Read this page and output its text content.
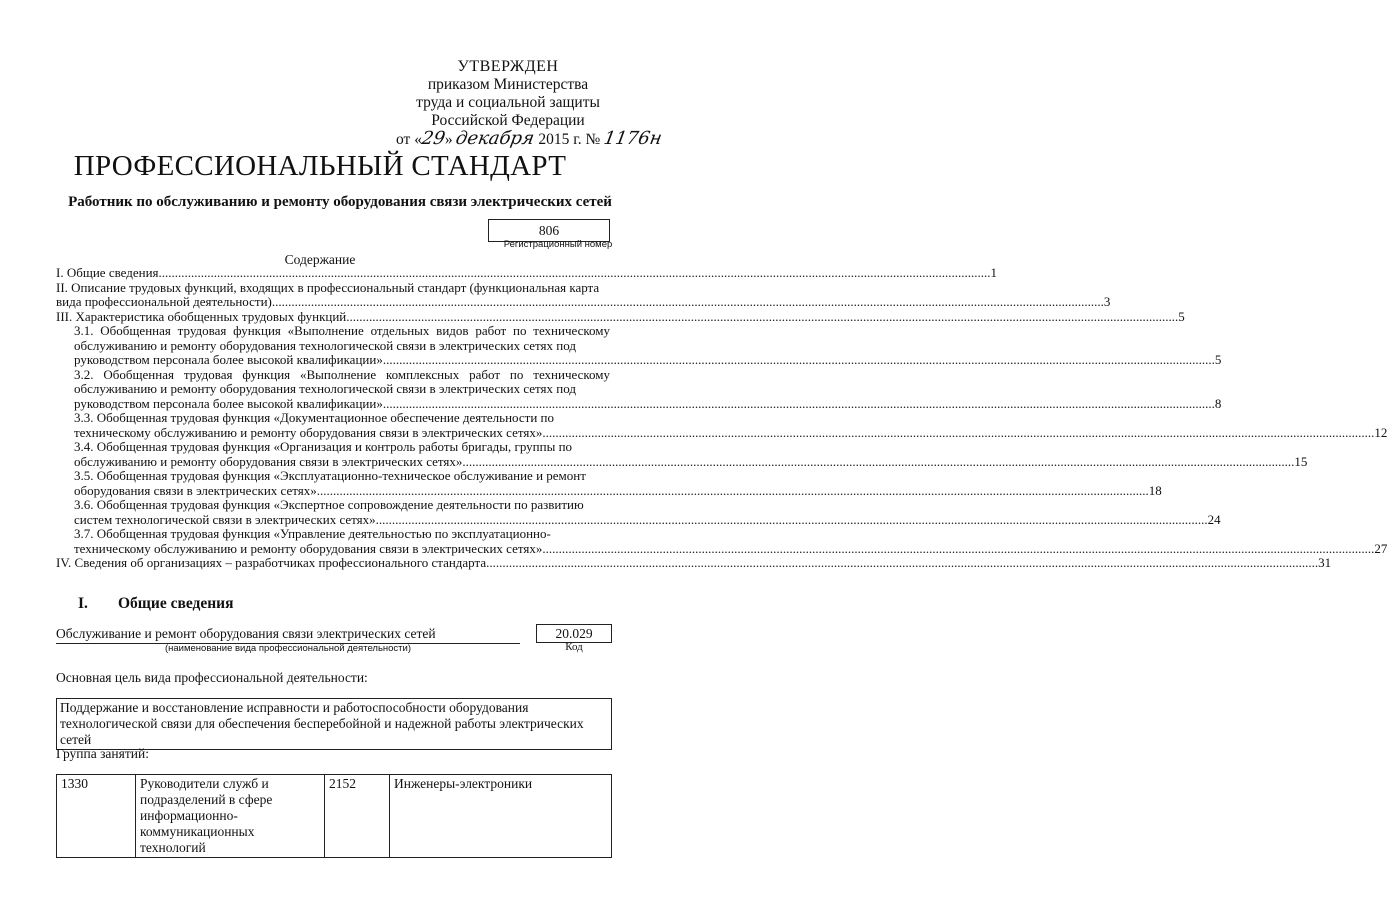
УТВЕРЖДЕН
приказом Министерства
труда и социальной защиты
Российской Федерации
от «29» декабря 2015 г. № 1176н
ПРОФЕССИОНАЛЬНЫЙ СТАНДАРТ
Работник по обслуживанию и ремонту оборудования связи электрических сетей
806
Регистрационный номер
Содержание
I. Общие сведения .....	1
II. Описание трудовых функций, входящих в профессиональный стандарт (функциональная карта
вида профессиональной деятельности) .....	3
III. Характеристика обобщенных трудовых функций .....	5
3.1. Обобщенная трудовая функция «Выполнение отдельных видов работ по техническому обслуживанию и ремонту оборудования технологической связи в электрических сетях под
руководством персонала более высокой квалификации» .....	5
3.2. Обобщенная трудовая функция «Выполнение комплексных работ по техническому обслуживанию и ремонту оборудования технологической связи в электрических сетях под
руководством персонала более высокой квалификации» .....	8
3.3. Обобщенная трудовая функция «Документационное обеспечение деятельности по
техническому обслуживанию и ремонту оборудования связи в электрических сетях» .....	12
3.4. Обобщенная трудовая функция «Организация и контроль работы бригады, группы по
обслуживанию и ремонту оборудования связи в электрических сетях» .....	15
3.5. Обобщенная трудовая функция «Эксплуатационно-техническое обслуживание и ремонт
оборудования связи в электрических сетях» .....	18
3.6. Обобщенная трудовая функция «Экспертное сопровождение деятельности по развитию
систем технологической связи в электрических сетях» .....	24
3.7. Обобщенная трудовая функция «Управление деятельностью по эксплуатационно-
техническому обслуживанию и ремонту оборудования связи в электрических сетях» .....	27
IV. Сведения об организациях – разработчиках профессионального стандарта .....	31
I. Общие сведения
Обслуживание и ремонт оборудования связи электрических сетей
(наименование вида профессиональной деятельности)
20.029
Код
Основная цель вида профессиональной деятельности:
Поддержание и восстановление исправности и работоспособности оборудования технологической связи для обеспечения бесперебойной и надежной работы электрических сетей
Группа занятий:
1330	Руководители служб и подразделений в сфере информационно-коммуникационных технологий	2152	Инженеры-электроники
